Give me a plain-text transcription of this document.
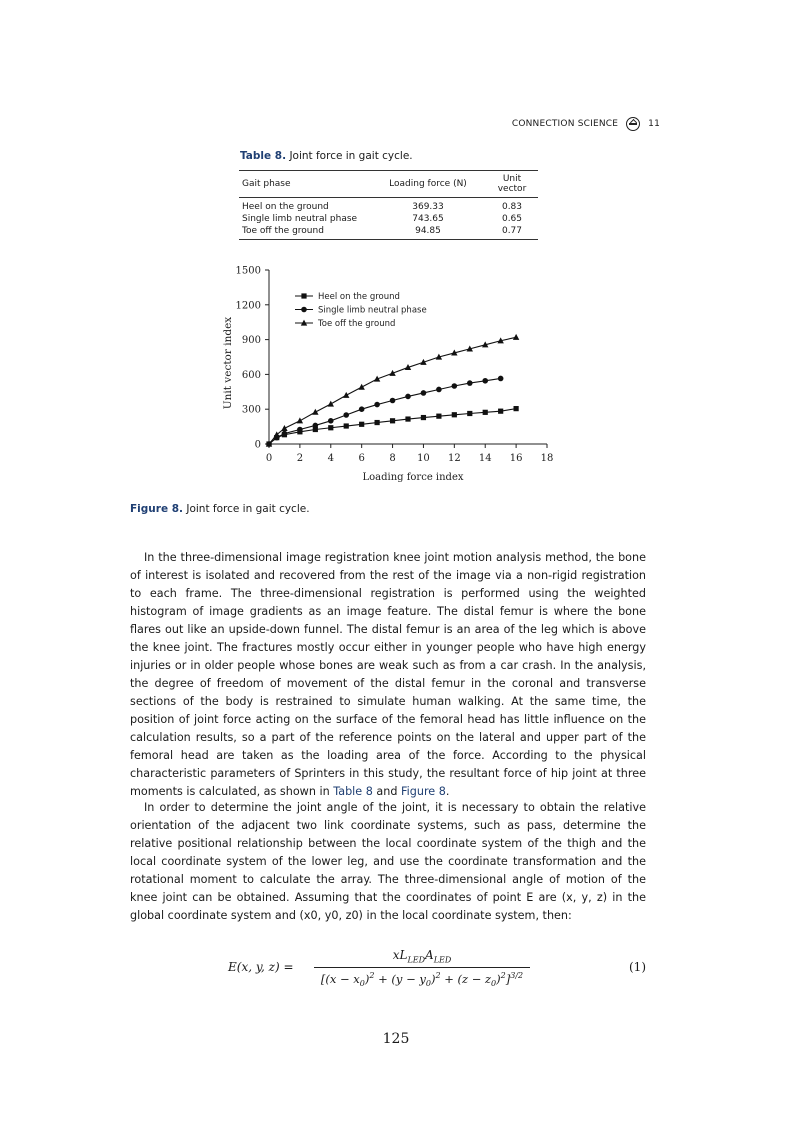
CONNECTION SCIENCE	11
Table 8. Joint force in gait cycle.
Gait phase	Loading force (N)	Unit vector
Heel on the ground	369.33	0.83
Single limb neutral phase	743.65	0.65
Toe off the ground	94.85	0.77
0 2 4 6 8 10 12 14 16 18
0
300
600
900
1200
1500
Loading force index
Unit vector index
Heel on the ground
Single limb neutral phase
Toe off the ground
Figure 8. Joint force in gait cycle.
In the three-dimensional image registration knee joint motion analysis method, the bone of interest is isolated and recovered from the rest of the image via a non-rigid registration to each frame. The three-dimensional registration is performed using the weighted histogram of image gradients as an image feature. The distal femur is where the bone flares out like an upside-down funnel. The distal femur is an area of the leg which is above the knee joint. The fractures mostly occur either in younger people who have high energy injuries or in older people whose bones are weak such as from a car crash. In the analysis, the degree of freedom of movement of the distal femur in the coronal and transverse sections of the body is restrained to simulate human walking. At the same time, the position of joint force acting on the surface of the femoral head has little influence on the calculation results, so a part of the reference points on the lateral and upper part of the femoral head are taken as the loading area of the force. According to the physical characteristic parameters of Sprinters in this study, the resultant force of hip joint at three moments is calculated, as shown in Table 8 and Figure 8.
In order to determine the joint angle of the joint, it is necessary to obtain the relative orientation of the adjacent two link coordinate systems, such as pass, determine the relative positional relationship between the local coordinate system of the thigh and the local coordinate system of the lower leg, and use the coordinate transformation and the rotational moment to calculate the array. The three-dimensional angle of motion of the knee joint can be obtained. Assuming that the coordinates of point E are (x, y, z) in the global coordinate system and (x0, y0, z0) in the local coordinate system, then:
E(x, y, z) =
$xL_{LED}A_{LED}$
$[(x - x_0)^2 + (y - y_0)^2 + (z - z_0)^2]^{3/2}$
(1)
125
